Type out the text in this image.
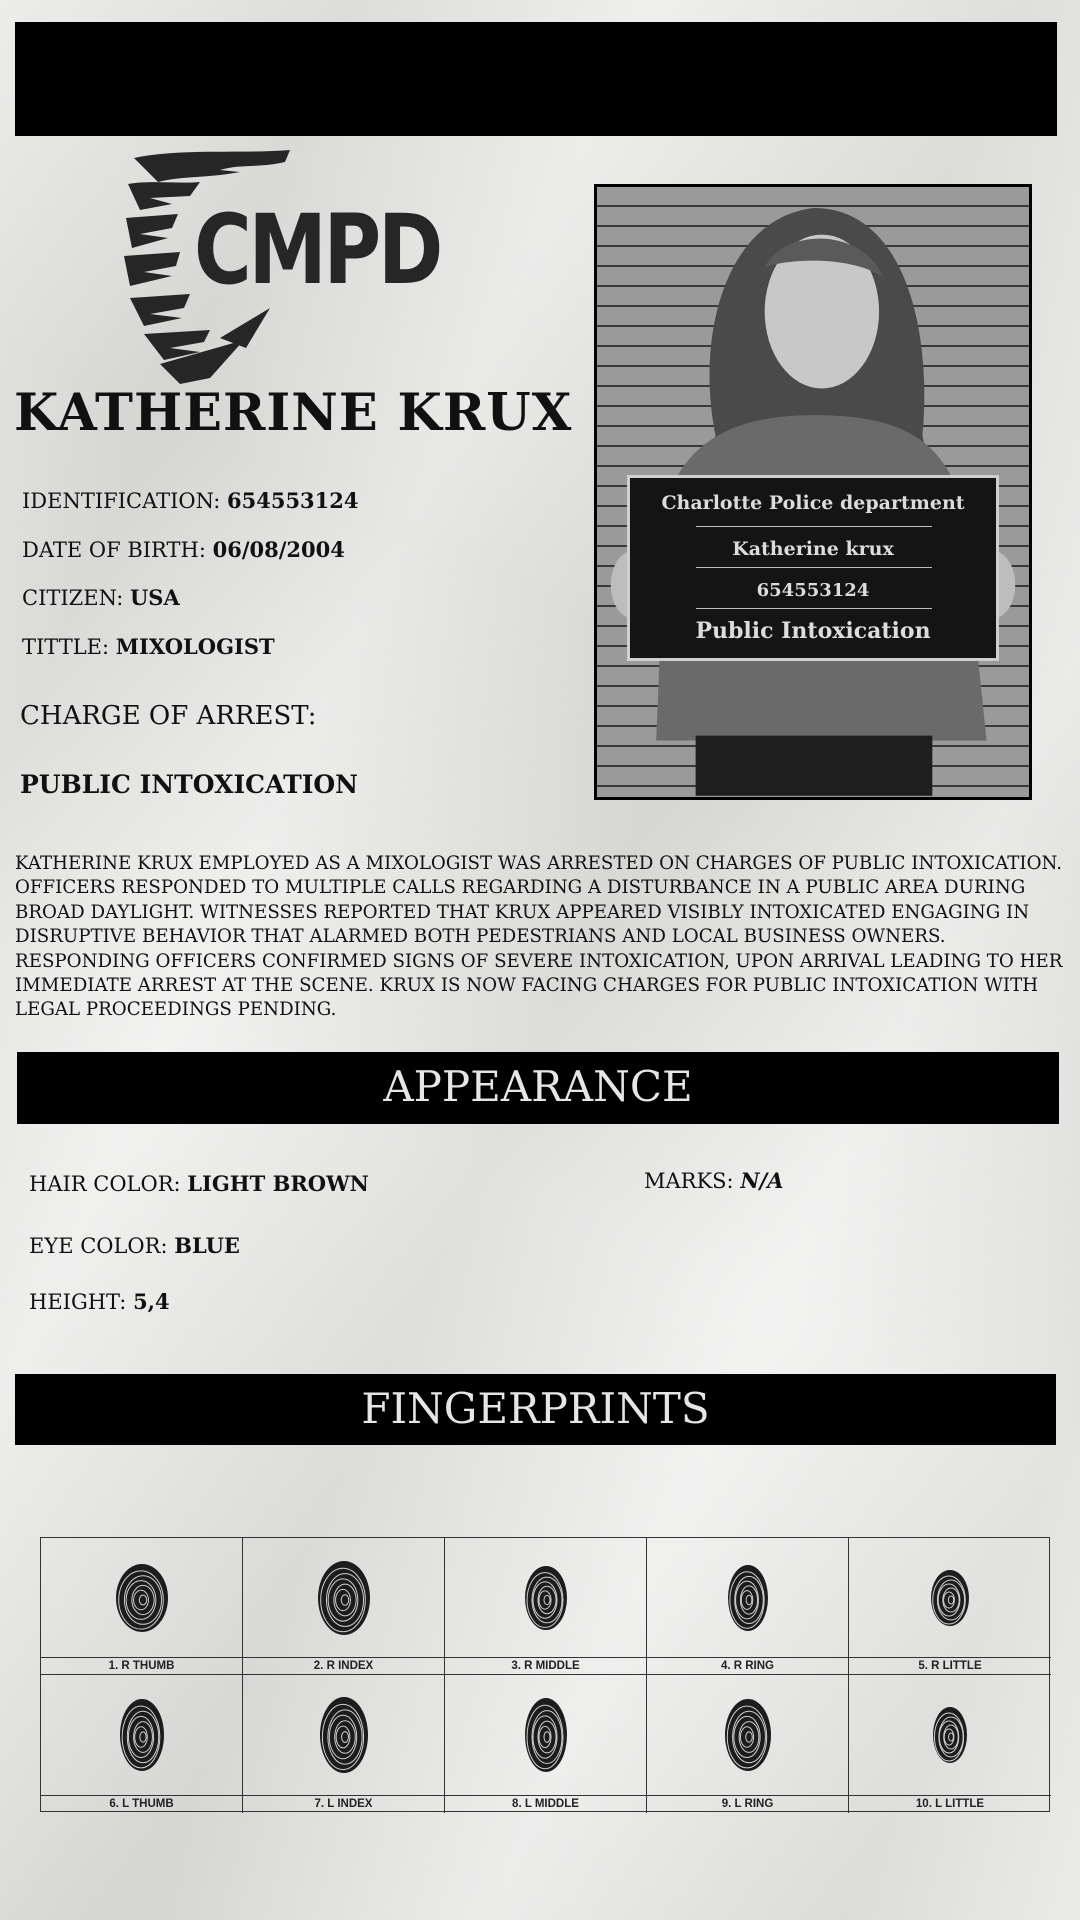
CMPD
KATHERINE KRUX
IDENTIFICATION: 654553124
DATE OF BIRTH: 06/08/2004
CITIZEN: USA
TITTLE: MIXOLOGIST
CHARGE OF ARREST:
PUBLIC INTOXICATION
Charlotte Police department
Katherine krux
654553124
Public Intoxication
KATHERINE KRUX EMPLOYED AS A MIXOLOGIST WAS ARRESTED ON CHARGES OF PUBLIC INTOXICATION. OFFICERS RESPONDED TO MULTIPLE CALLS REGARDING A DISTURBANCE IN A PUBLIC AREA DURING BROAD DAYLIGHT. WITNESSES REPORTED THAT KRUX APPEARED VISIBLY INTOXICATED ENGAGING IN DISRUPTIVE BEHAVIOR THAT ALARMED BOTH PEDESTRIANS AND LOCAL BUSINESS OWNERS. RESPONDING OFFICERS CONFIRMED SIGNS OF SEVERE INTOXICATION, UPON ARRIVAL LEADING TO HER IMMEDIATE ARREST AT THE SCENE. KRUX IS NOW FACING CHARGES FOR PUBLIC INTOXICATION WITH LEGAL PROCEEDINGS PENDING.
APPEARANCE
HAIR COLOR: LIGHT BROWN
EYE COLOR: BLUE
HEIGHT: 5,4
MARKS: N/A
FINGERPRINTS
1. R THUMB	2. R INDEX	3. R MIDDLE	4. R RING	5. R LITTLE
6. L THUMB	7. L INDEX	8. L MIDDLE	9. L RING	10. L LITTLE
